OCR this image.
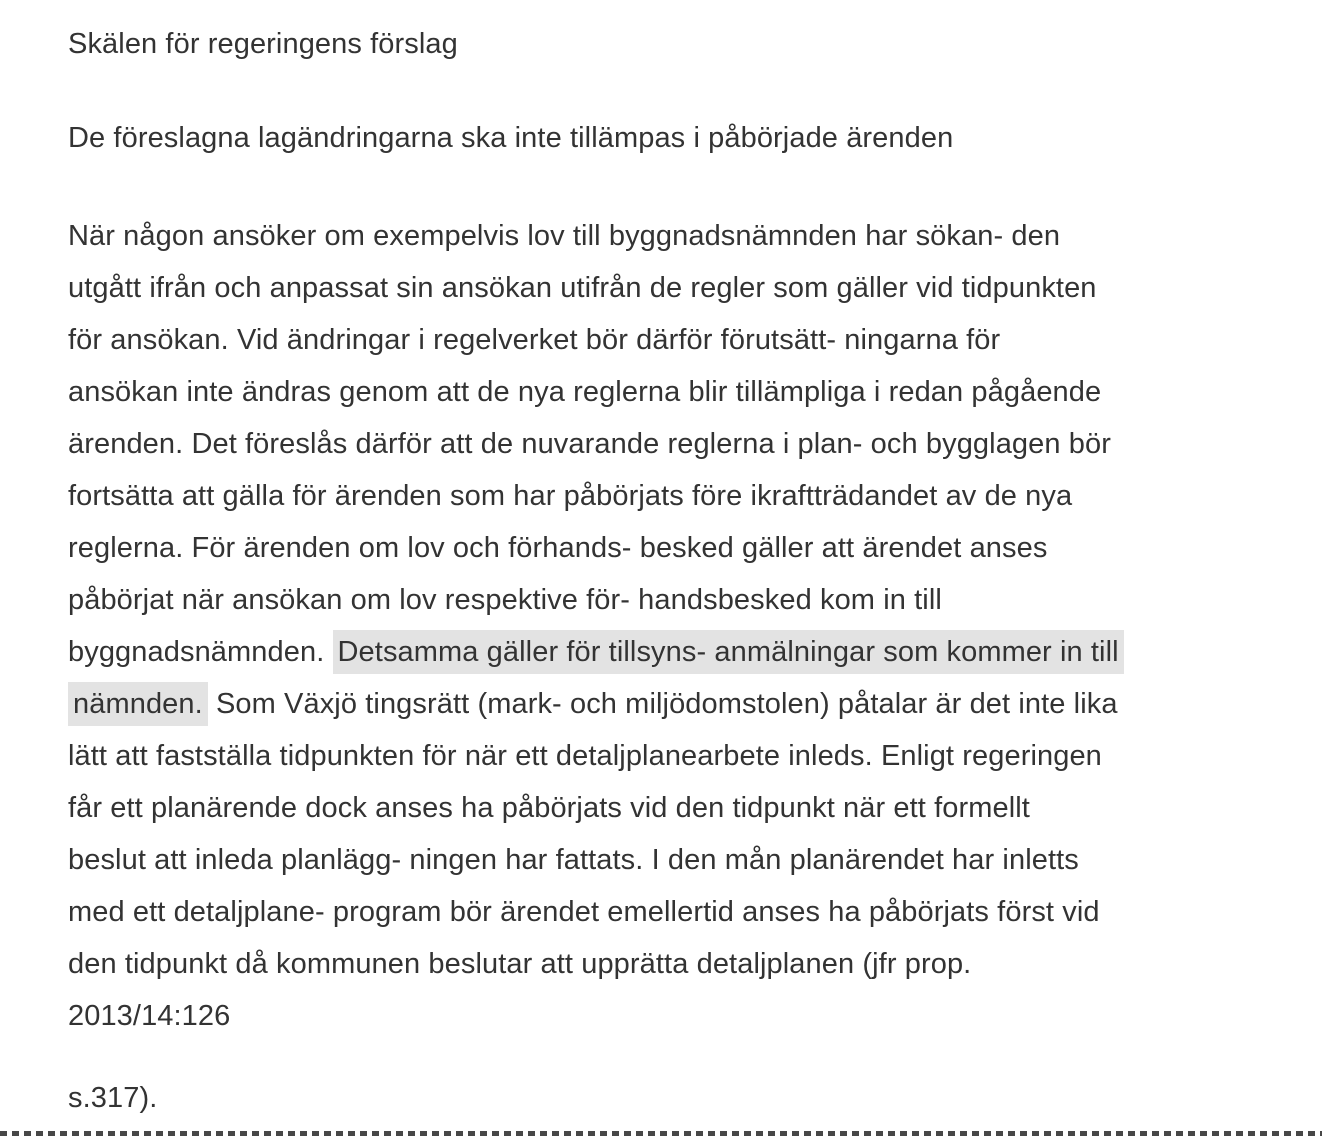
Skälen för regeringens förslag
De föreslagna lagändringarna ska inte tillämpas i påbörjade ärenden
När någon ansöker om exempelvis lov till byggnadsnämnden har sökan- den
utgått ifrån och anpassat sin ansökan utifrån de regler som gäller vid tidpunkten
för ansökan. Vid ändringar i regelverket bör därför förutsätt- ningarna för
ansökan inte ändras genom att de nya reglerna blir tillämpliga i redan pågående
ärenden. Det föreslås därför att de nuvarande reglerna i plan- och bygglagen bör
fortsätta att gälla för ärenden som har påbörjats före ikraftträdandet av de nya
reglerna. För ärenden om lov och förhands- besked gäller att ärendet anses
påbörjat när ansökan om lov respektive för- handsbesked kom in till
byggnadsnämnden. Detsamma gäller för tillsyns- anmälningar som kommer in till
nämnden. Som Växjö tingsrätt (mark- och miljödomstolen) påtalar är det inte lika
lätt att fastställa tidpunkten för när ett detaljplanearbete inleds. Enligt regeringen
får ett planärende dock anses ha påbörjats vid den tidpunkt när ett formellt
beslut att inleda planlägg- ningen har fattats. I den mån planärendet har inletts
med ett detaljplane- program bör ärendet emellertid anses ha påbörjats först vid
den tidpunkt då kommunen beslutar att upprätta detaljplanen (jfr prop.
2013/14:126

s.317).
